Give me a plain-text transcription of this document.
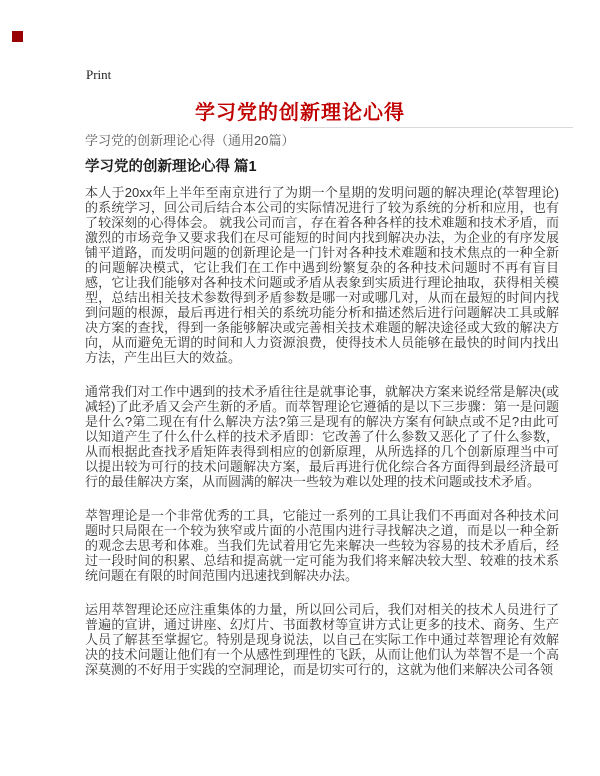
Print
学习党的创新理论心得
学习党的创新理论心得（通用20篇）
学习党的创新理论心得 篇1

本人于20xx年上半年至南京进行了为期一个星期的发明问题的解决理论(萃智理论)的系统学习，回公司后结合本公司的实际情况进行了较为系统的分析和应用，也有了较深刻的心得体会。 就我公司而言，存在着各种各样的技术难题和技术矛盾，而激烈的市场竞争又要求我们在尽可能短的时间内找到解决办法，为企业的有序发展铺平道路，而发明问题的创新理论是一门针对各种技术难题和技术焦点的一种全新的问题解决模式，它让我们在工作中遇到纷繁复杂的各种技术问题时不再有盲目感，它让我们能够对各种技术问题或矛盾从表象到实质进行理论抽取，获得相关模型，总结出相关技术参数得到矛盾参数是哪一对或哪几对，从而在最短的时间内找到问题的根源，最后再进行相关的系统功能分析和描述然后进行问题解决工具或解决方案的查找，得到一条能够解决或完善相关技术难题的解决途径或大致的解决方向，从而避免无谓的时间和人力资源浪费，使得技术人员能够在最快的时间内找出方法，产生出巨大的效益。

通常我们对工作中遇到的技术矛盾往往是就事论事，就解决方案来说经常是解决(或减轻)了此矛盾又会产生新的矛盾。而萃智理论它遵循的是以下三步骤：第一是问题是什么?第二现在有什么解决方法?第三是现有的解决方案有何缺点或不足?由此可以知道产生了什么什么样的技术矛盾即：它改善了什么参数又恶化了了什么参数，从而根据此查找矛盾矩阵表得到相应的创新原理，从所选择的几个创新原理当中可以提出较为可行的技术问题解决方案，最后再进行优化综合各方面得到最经济最可行的最佳解决方案，从而圆满的解决一些较为难以处理的技术问题或技术矛盾。

萃智理论是一个非常优秀的工具，它能过一系列的工具让我们不再面对各种技术问题时只局限在一个较为狭窄或片面的小范围内进行寻找解决之道，而是以一种全新的观念去思考和体难。当我们先试着用它先来解决一些较为容易的技术矛盾后，经过一段时间的积累、总结和提高就一定可能为我们将来解决较大型、较难的技术系统问题在有限的时间范围内迅速找到解决办法。

运用萃智理论还应注重集体的力量，所以回公司后，我们对相关的技术人员进行了普遍的宣讲，通过讲座、幻灯片、书面教材等宣讲方式让更多的技术、商务、生产人员了解甚至掌握它。特别是现身说法，以自己在实际工作中通过萃智理论有效解决的技术问题让他们有一个从感性到理性的飞跃，从而让他们认为萃智不是一个高深莫测的不好用于实践的空洞理论，而是切实可行的，这就为他们来解决公司各领
